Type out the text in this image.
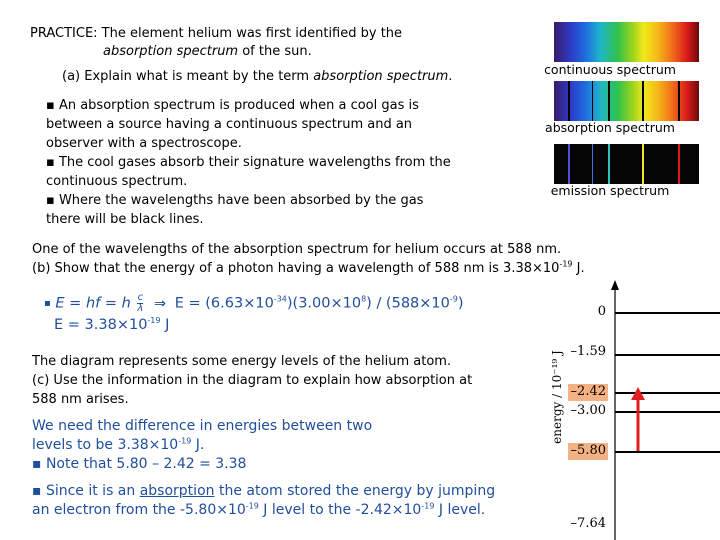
PRACTICE: The element helium was first identified by the
absorption spectrum of the sun.
(a) Explain what is meant by the term absorption spectrum.
▪ An absorption spectrum is produced when a cool gas is
between a source having a continuous spectrum and an
observer with a spectroscope.
▪ The cool gases absorb their signature wavelengths from the
continuous spectrum.
▪ Where the wavelengths have been absorbed by the gas
there will be black lines.
continuous spectrum
absorption spectrum
emission spectrum
One of the wavelengths of the absorption spectrum for helium occurs at 588 nm.
(b) Show that the energy of a photon having a wavelength of 588 nm is $3.38\times 10^{-19}$ J.
▪ E = hf = h $\frac{c}{\lambda}$ ⇒ $E = (6.63\times 10^{-34})(3.00\times 10^8) / (588\times 10^{-9})$
$E = 3.38\times 10^{-19}$ J
The diagram represents some energy levels of the helium atom.
(c) Use the information in the diagram to explain how absorption at
588 nm arises.
We need the difference in energies between two
levels to be $3.38\times 10^{-19}$ J.
▪ Note that 5.80 – 2.42 = 3.38
▪ Since it is an absorption the atom stored the energy by jumping
an electron from the $-5.80\times 10^{-19}$ J level to the $-2.42\times 10^{-19}$ J level.
energy / 10⁻¹⁹ J
0
–1.59
–2.42
–3.00
–5.80
–7.64
